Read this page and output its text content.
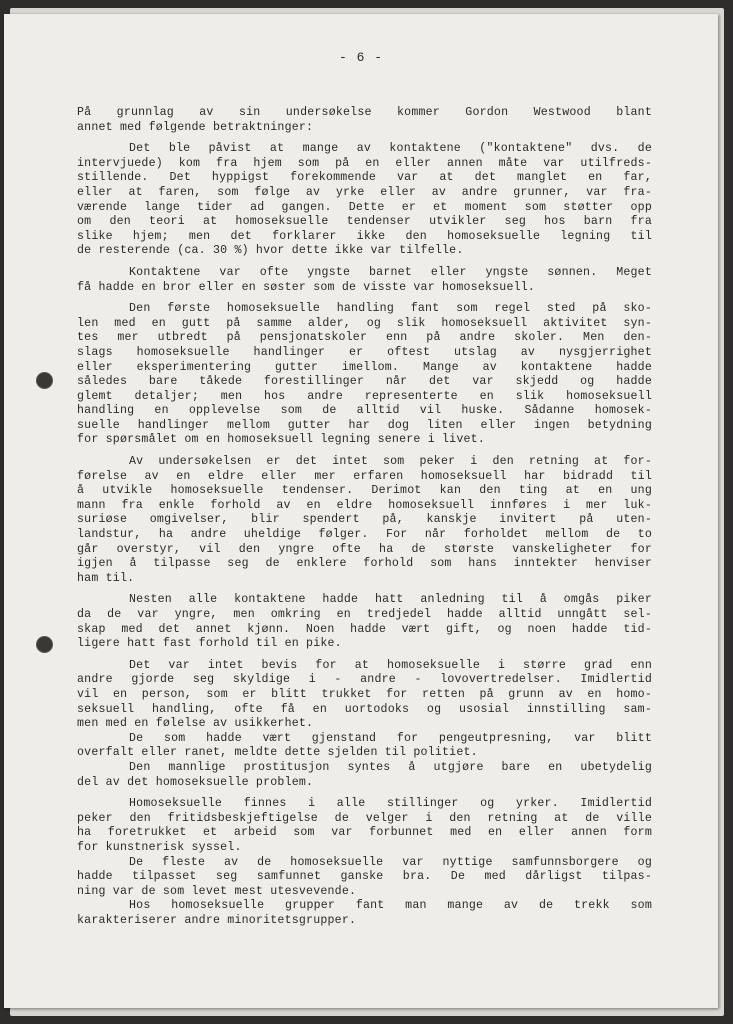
- 6 -

På grunnlag av sin undersøkelse kommer Gordon Westwood blant
annet med følgende betraktninger:

Det ble påvist at mange av kontaktene ("kontaktene" dvs. de
intervjuede) kom fra hjem som på en eller annen måte var utilfreds-
stillende. Det hyppigst forekommende var at det manglet en far,
eller at faren, som følge av yrke eller av andre grunner, var fra-
værende lange tider ad gangen. Dette er et moment som støtter opp
om den teori at homoseksuelle tendenser utvikler seg hos barn fra
slike hjem; men det forklarer ikke den homoseksuelle legning til
de resterende (ca. 30 %) hvor dette ikke var tilfelle.

Kontaktene var ofte yngste barnet eller yngste sønnen. Meget
få hadde en bror eller en søster som de visste var homoseksuell.

Den første homoseksuelle handling fant som regel sted på sko-
len med en gutt på samme alder, og slik homoseksuell aktivitet syn-
tes mer utbredt på pensjonatskoler enn på andre skoler. Men den-
slags homoseksuelle handlinger er oftest utslag av nysgjerrighet
eller eksperimentering gutter imellom. Mange av kontaktene hadde
således bare tåkede forestillinger når det var skjedd og hadde
glemt detaljer; men hos andre representerte en slik homoseksuell
handling en opplevelse som de alltid vil huske. Sådanne homosek-
suelle handlinger mellom gutter har dog liten eller ingen betydning
for spørsmålet om en homoseksuell legning senere i livet.

Av undersøkelsen er det intet som peker i den retning at for-
førelse av en eldre eller mer erfaren homoseksuell har bidradd til
å utvikle homoseksuelle tendenser. Derimot kan den ting at en ung
mann fra enkle forhold av en eldre homoseksuell innføres i mer luk-
suriøse omgivelser, blir spendert på, kanskje invitert på uten-
landstur, ha andre uheldige følger. For når forholdet mellom de to
går overstyr, vil den yngre ofte ha de største vanskeligheter for
igjen å tilpasse seg de enklere forhold som hans inntekter henviser
ham til.

Nesten alle kontaktene hadde hatt anledning til å omgås piker
da de var yngre, men omkring en tredjedel hadde alltid unngått sel-
skap med det annet kjønn. Noen hadde vært gift, og noen hadde tid-
ligere hatt fast forhold til en pike.

Det var intet bevis for at homoseksuelle i større grad enn
andre gjorde seg skyldige i - andre - lovovertredelser. Imidlertid
vil en person, som er blitt trukket for retten på grunn av en homo-
seksuell handling, ofte få en uortodoks og usosial innstilling sam-
men med en følelse av usikkerhet.

De som hadde vært gjenstand for pengeutpresning, var blitt
overfalt eller ranet, meldte dette sjelden til politiet.

Den mannlige prostitusjon syntes å utgjøre bare en ubetydelig
del av det homoseksuelle problem.

Homoseksuelle finnes i alle stillinger og yrker. Imidlertid
peker den fritidsbeskjeftigelse de velger i den retning at de ville
ha foretrukket et arbeid som var forbunnet med en eller annen form
for kunstnerisk syssel.

De fleste av de homoseksuelle var nyttige samfunnsborgere og
hadde tilpasset seg samfunnet ganske bra. De med dårligst tilpas-
ning var de som levet mest utesvevende.

Hos homoseksuelle grupper fant man mange av de trekk som
karakteriserer andre minoritetsgrupper.
